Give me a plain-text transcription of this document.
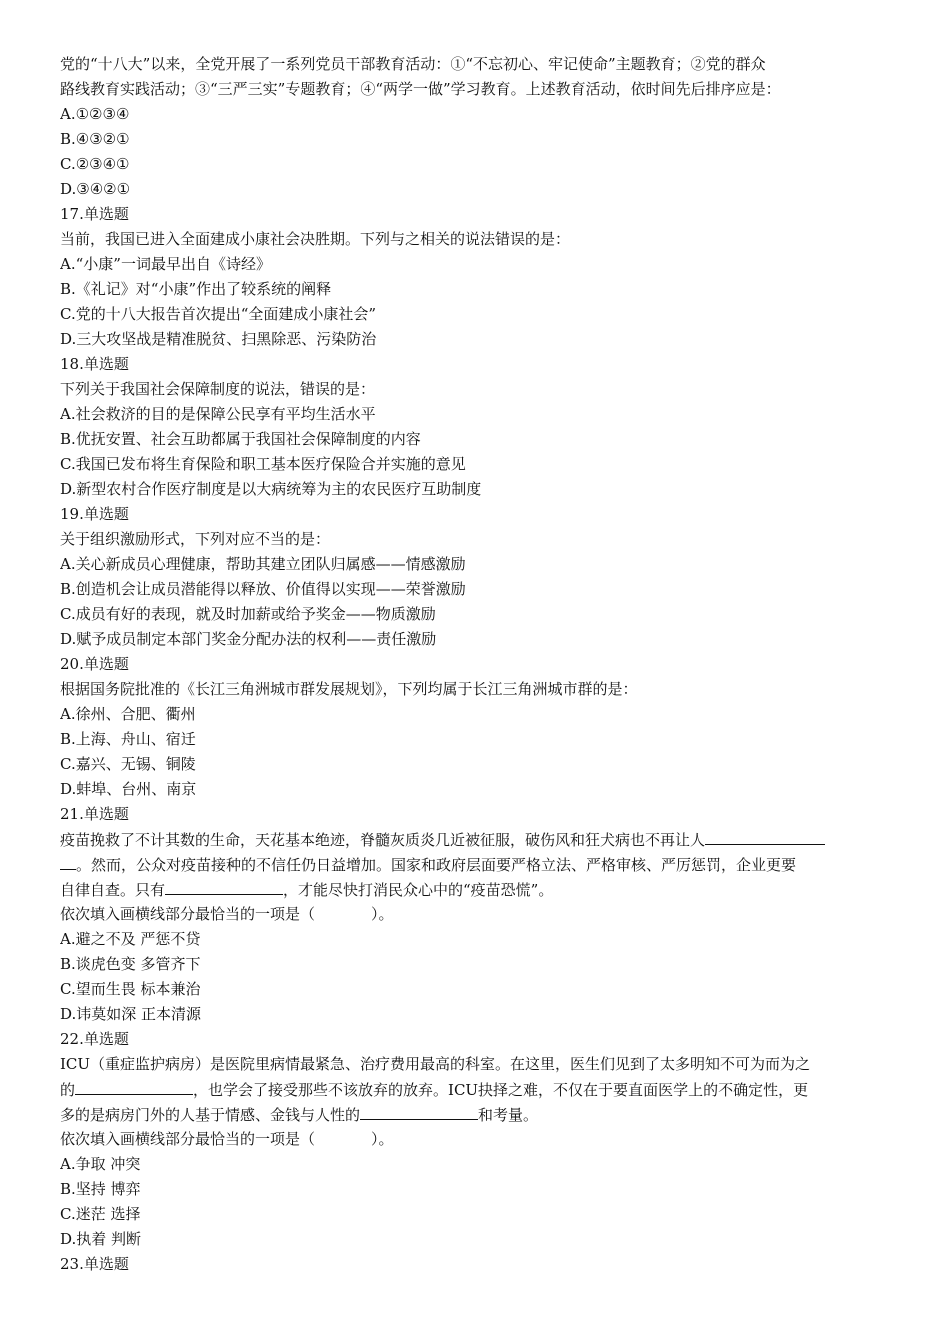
党的“十八大”以来，全党开展了一系列党员干部教育活动：①“不忘初心、牢记使命”主题教育；②党的群众
路线教育实践活动；③“三严三实”专题教育；④“两学一做”学习教育。上述教育活动，依时间先后排序应是：
A.①②③④
B.④③②①
C.②③④①
D.③④②①
17.单选题
当前，我国已进入全面建成小康社会决胜期。下列与之相关的说法错误的是：
A.“小康”一词最早出自《诗经》
B.《礼记》对“小康”作出了较系统的阐释
C.党的十八大报告首次提出“全面建成小康社会”
D.三大攻坚战是精准脱贫、扫黑除恶、污染防治
18.单选题
下列关于我国社会保障制度的说法，错误的是：
A.社会救济的目的是保障公民享有平均生活水平
B.优抚安置、社会互助都属于我国社会保障制度的内容
C.我国已发布将生育保险和职工基本医疗保险合并实施的意见
D.新型农村合作医疗制度是以大病统筹为主的农民医疗互助制度
19.单选题
关于组织激励形式，下列对应不当的是：
A.关心新成员心理健康，帮助其建立团队归属感——情感激励
B.创造机会让成员潜能得以释放、价值得以实现——荣誉激励
C.成员有好的表现，就及时加薪或给予奖金——物质激励
D.赋予成员制定本部门奖金分配办法的权利——责任激励
20.单选题
根据国务院批准的《长江三角洲城市群发展规划》，下列均属于长江三角洲城市群的是：
A.徐州、合肥、衢州
B.上海、舟山、宿迁
C.嘉兴、无锡、铜陵
D.蚌埠、台州、南京
21.单选题
疫苗挽救了不计其数的生命，天花基本绝迹，脊髓灰质炎几近被征服，破伤风和狂犬病也不再让人
。然而，公众对疫苗接种的不信任仍日益增加。国家和政府层面要严格立法、严格审核、严厉惩罚，企业更要
自律自查。只有	，才能尽快打消民众心中的“疫苗恐慌”。
依次填入画横线部分最恰当的一项是（	）。
A.避之不及 严惩不贷
B.谈虎色变 多管齐下
C.望而生畏 标本兼治
D.讳莫如深 正本清源
22.单选题
ICU（重症监护病房）是医院里病情最紧急、治疗费用最高的科室。在这里，医生们见到了太多明知不可为而为之
的	，也学会了接受那些不该放弃的放弃。ICU抉择之难，不仅在于要直面医学上的不确定性，更
多的是病房门外的人基于情感、金钱与人性的	和考量。
依次填入画横线部分最恰当的一项是（	）。
A.争取 冲突
B.坚持 博弈
C.迷茫 选择
D.执着 判断
23.单选题
